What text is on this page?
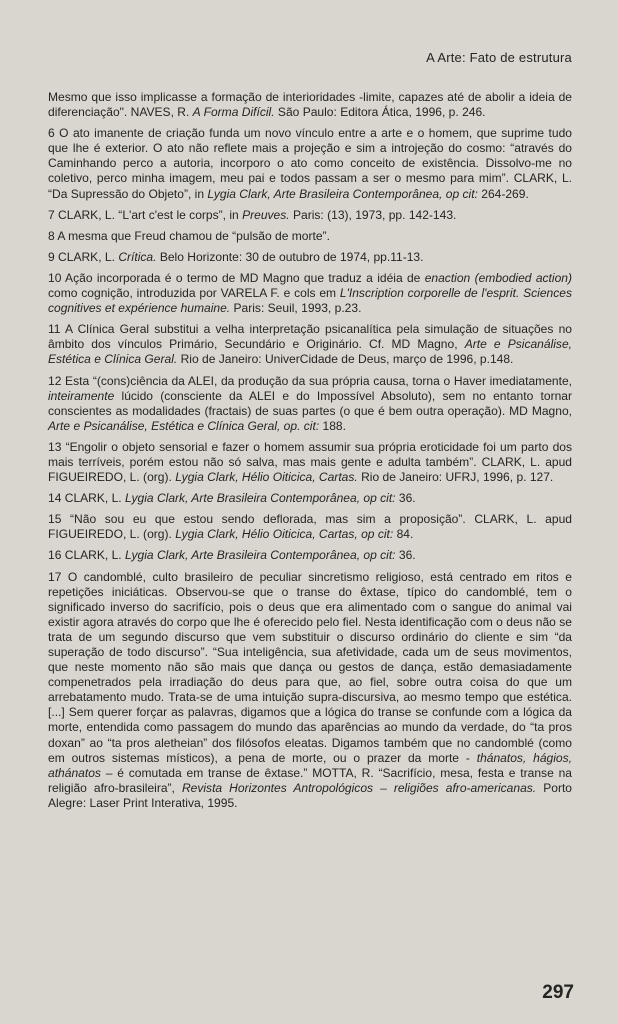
A Arte: Fato de estrutura

Mesmo que isso implicasse a formação de interioridades -limite, capazes até de abolir a ideia de diferenciação". NAVES, R. A Forma Difícil. São Paulo: Editora Ática, 1996, p. 246.

6 O ato imanente de criação funda um novo vínculo entre a arte e o homem, que suprime tudo que lhe é exterior. O ato não reflete mais a projeção e sim a introjeção do cosmo: “através do Caminhando perco a autoria, incorporo o ato como conceito de existência. Dissolvo-me no coletivo, perco minha imagem, meu pai e todos passam a ser o mesmo para mim”. CLARK, L. “Da Supressão do Objeto”, in Lygia Clark, Arte Brasileira Contemporânea, op cit: 264-269.

7 CLARK, L. “L'art c'est le corps”, in Preuves. Paris: (13), 1973, pp. 142-143.

8 A mesma que Freud chamou de “pulsão de morte”.

9 CLARK, L. Crítica. Belo Horizonte: 30 de outubro de 1974, pp.11-13.

10 Ação incorporada é o termo de MD Magno que traduz a idéia de enaction (embodied action) como cognição, introduzida por VARELA F. e cols em L'Inscription corporelle de l'esprit. Sciences cognitives et expérience humaine. Paris: Seuil, 1993, p.23.

11 A Clínica Geral substitui a velha interpretação psicanalítica pela simulação de situações no âmbito dos vínculos Primário, Secundário e Originário. Cf. MD Magno, Arte e Psicanálise, Estética e Clínica Geral. Rio de Janeiro: UniverCidade de Deus, março de 1996, p.148.

12 Esta “(cons)ciência da ALEI, da produção da sua própria causa, torna o Haver imediatamente, inteiramente lúcido (consciente da ALEI e do Impossível Absoluto), sem no entanto tornar conscientes as modalidades (fractais) de suas partes (o que é bem outra operação). MD Magno, Arte e Psicanálise, Estética e Clínica Geral, op. cit: 188.

13 “Engolir o objeto sensorial e fazer o homem assumir sua própria eroticidade foi um parto dos mais terríveis, porém estou não só salva, mas mais gente e adulta também”. CLARK, L. apud FIGUEIREDO, L. (org). Lygia Clark, Hélio Oiticica, Cartas. Rio de Janeiro: UFRJ, 1996, p. 127.

14 CLARK, L. Lygia Clark, Arte Brasileira Contemporânea, op cit: 36.

15 “Não sou eu que estou sendo deflorada, mas sim a proposição”. CLARK, L. apud FIGUEIREDO, L. (org). Lygia Clark, Hélio Oiticica, Cartas, op cit: 84.

16 CLARK, L. Lygia Clark, Arte Brasileira Contemporânea, op cit: 36.

17 O candomblé, culto brasileiro de peculiar sincretismo religioso, está centrado em ritos e repetições iniciáticas. Observou-se que o transe do êxtase, típico do candomblé, tem o significado inverso do sacrifício, pois o deus que era alimentado com o sangue do animal vai existir agora através do corpo que lhe é oferecido pelo fiel. Nesta identificação com o deus não se trata de um segundo discurso que vem substituir o discurso ordinário do cliente e sim “da superação de todo discurso”. “Sua inteligência, sua afetividade, cada um de seus movimentos, que neste momento não são mais que dança ou gestos de dança, estão demasiadamente compenetrados pela irradiação do deus para que, ao fiel, sobre outra coisa do que um arrebatamento mudo. Trata-se de uma intuição supra-discursiva, ao mesmo tempo que estética. [...] Sem querer forçar as palavras, digamos que a lógica do transe se confunde com a lógica da morte, entendida como passagem do mundo das aparências ao mundo da verdade, do “ta pros doxan” ao “ta pros aletheian” dos filósofos eleatas. Digamos também que no candomblé (como em outros sistemas místicos), a pena de morte, ou o prazer da morte - thánatos, hágios, athánatos – é comutada em transe de êxtase.” MOTTA, R. “Sacrifício, mesa, festa e transe na religião afro-brasileira”, Revista Horizontes Antropológicos – religiões afro-americanas. Porto Alegre: Laser Print Interativa, 1995.

297
